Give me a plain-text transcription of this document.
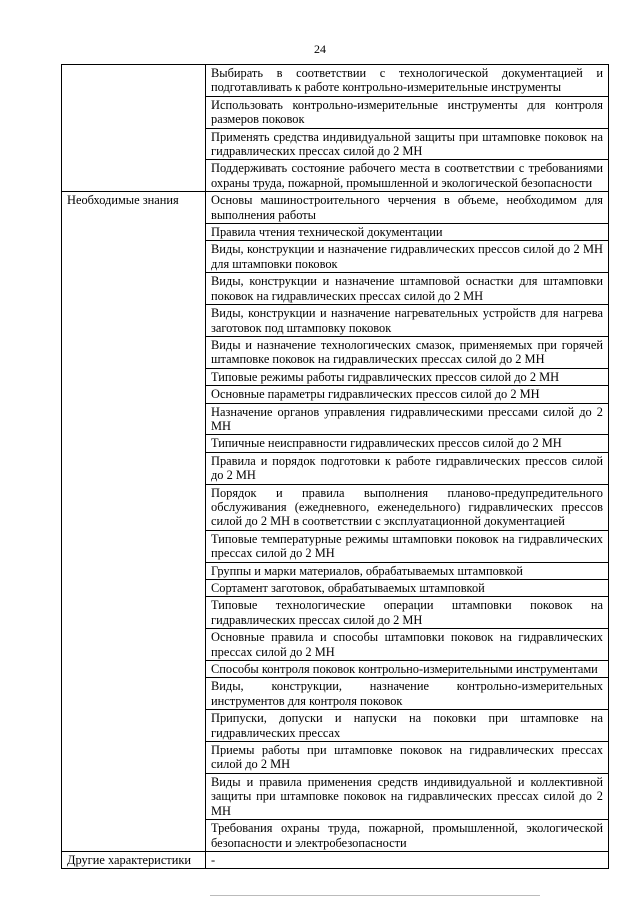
24
	Выбирать в соответствии с технологической документацией и подготавливать к работе контрольно-измерительные инструменты
	Использовать контрольно-измерительные инструменты для контроля размеров поковок
	Применять средства индивидуальной защиты при штамповке поковок на гидравлических прессах силой до 2 МН
	Поддерживать состояние рабочего места в соответствии с требованиями охраны труда, пожарной, промышленной и экологической безопасности
Необходимые знания	Основы машиностроительного черчения в объеме, необходимом для выполнения работы
	Правила чтения технической документации
	Виды, конструкции и назначение гидравлических прессов силой до 2 МН для штамповки поковок
	Виды, конструкции и назначение штамповой оснастки для штамповки поковок на гидравлических прессах силой до 2 МН
	Виды, конструкции и назначение нагревательных устройств для нагрева заготовок под штамповку поковок
	Виды и назначение технологических смазок, применяемых при горячей штамповке поковок на гидравлических прессах силой до 2 МН
	Типовые режимы работы гидравлических прессов силой до 2 МН
	Основные параметры гидравлических прессов силой до 2 МН
	Назначение органов управления гидравлическими прессами силой до 2 МН
	Типичные неисправности гидравлических прессов силой до 2 МН
	Правила и порядок подготовки к работе гидравлических прессов силой до 2 МН
	Порядок и правила выполнения планово-предупредительного обслуживания (ежедневного, еженедельного) гидравлических прессов силой до 2 МН в соответствии с эксплуатационной документацией
	Типовые температурные режимы штамповки поковок на гидравлических прессах силой до 2 МН
	Группы и марки материалов, обрабатываемых штамповкой
	Сортамент заготовок, обрабатываемых штамповкой
	Типовые технологические операции штамповки поковок на гидравлических прессах силой до 2 МН
	Основные правила и способы штамповки поковок на гидравлических прессах силой до 2 МН
	Способы контроля поковок контрольно-измерительными инструментами
	Виды, конструкции, назначение контрольно-измерительных инструментов для контроля поковок
	Припуски, допуски и напуски на поковки при штамповке на гидравлических прессах
	Приемы работы при штамповке поковок на гидравлических прессах силой до 2 МН
	Виды и правила применения средств индивидуальной и коллективной защиты при штамповке поковок на гидравлических прессах силой до 2 МН
	Требования охраны труда, пожарной, промышленной, экологической безопасности и электробезопасности
Другие характеристики	-
